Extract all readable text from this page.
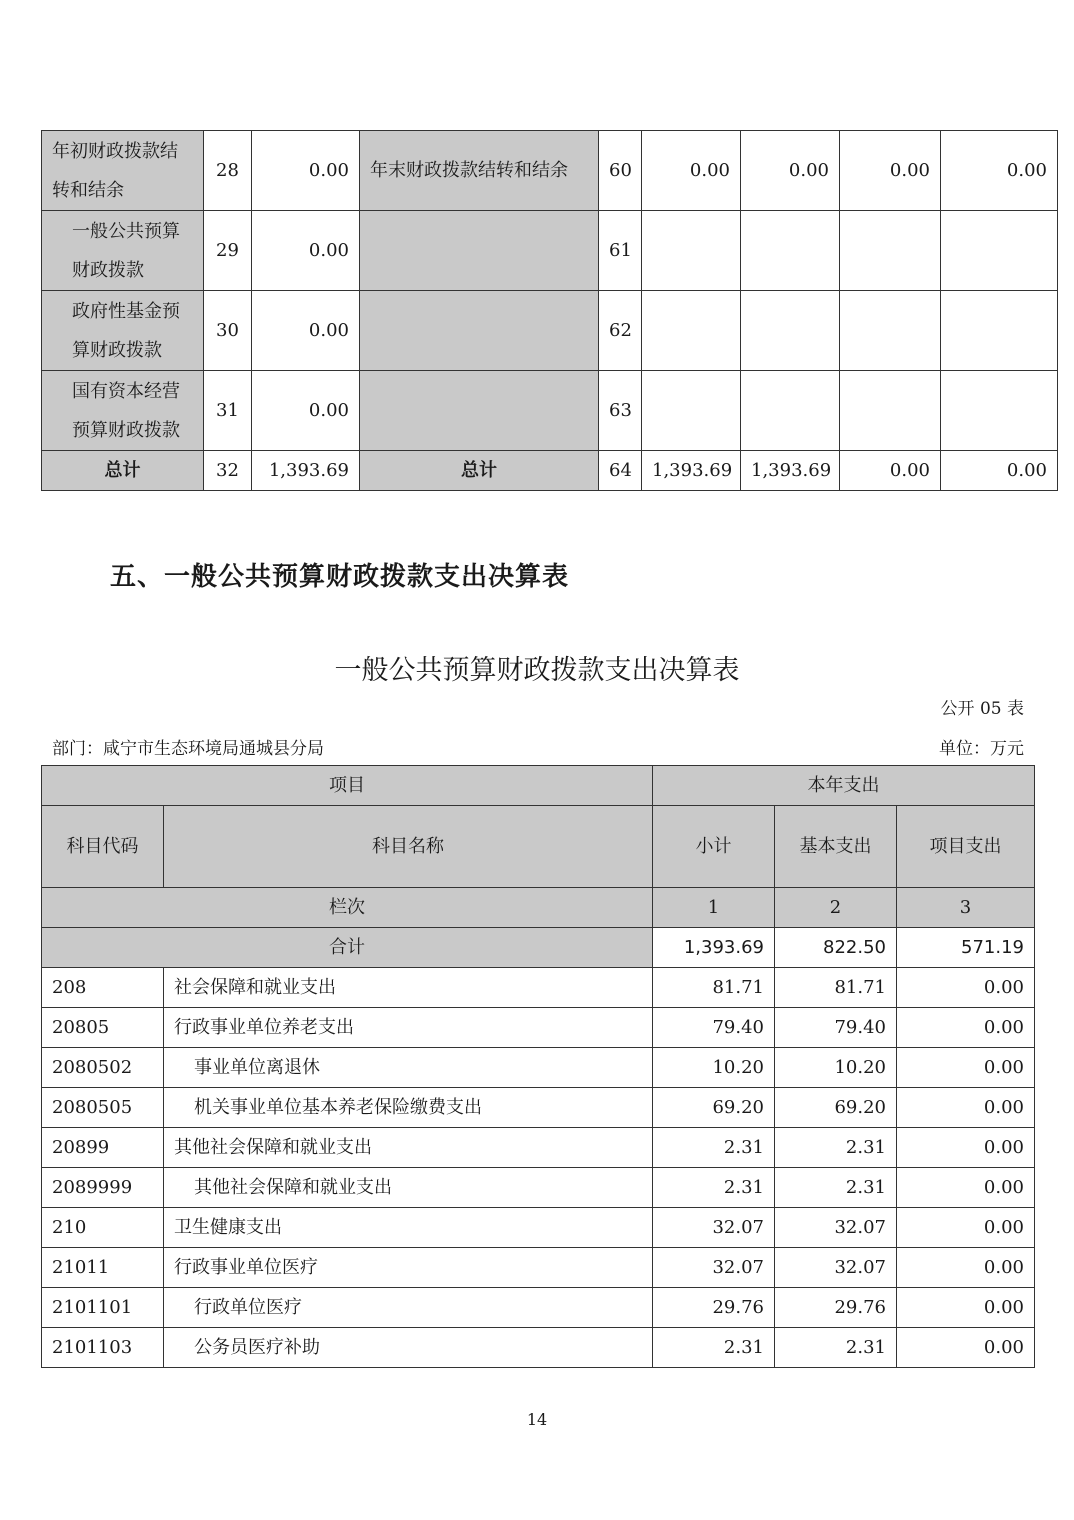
年初财政拨款结转和结余	28	0.00	年末财政拨款结转和结余	60	0.00	0.00	0.00	0.00
一般公共预算财政拨款	29	0.00		61				
政府性基金预算财政拨款	30	0.00		62				
国有资本经营预算财政拨款	31	0.00		63				
总计	32	1,393.69	总计	64	1,393.69	1,393.69	0.00	0.00
五、一般公共预算财政拨款支出决算表
一般公共预算财政拨款支出决算表
公开 05 表
部门：咸宁市生态环境局通城县分局	单位：万元
项目		本年支出		
科目代码	科目名称	小计	基本支出	项目支出
栏次		1	2	3
合计		1,393.69	822.50	571.19
208	社会保障和就业支出	81.71	81.71	0.00
20805	行政事业单位养老支出	79.40	79.40	0.00
2080502	事业单位离退休	10.20	10.20	0.00
2080505	机关事业单位基本养老保险缴费支出	69.20	69.20	0.00
20899	其他社会保障和就业支出	2.31	2.31	0.00
2089999	其他社会保障和就业支出	2.31	2.31	0.00
210	卫生健康支出	32.07	32.07	0.00
21011	行政事业单位医疗	32.07	32.07	0.00
2101101	行政单位医疗	29.76	29.76	0.00
2101103	公务员医疗补助	2.31	2.31	0.00
14
